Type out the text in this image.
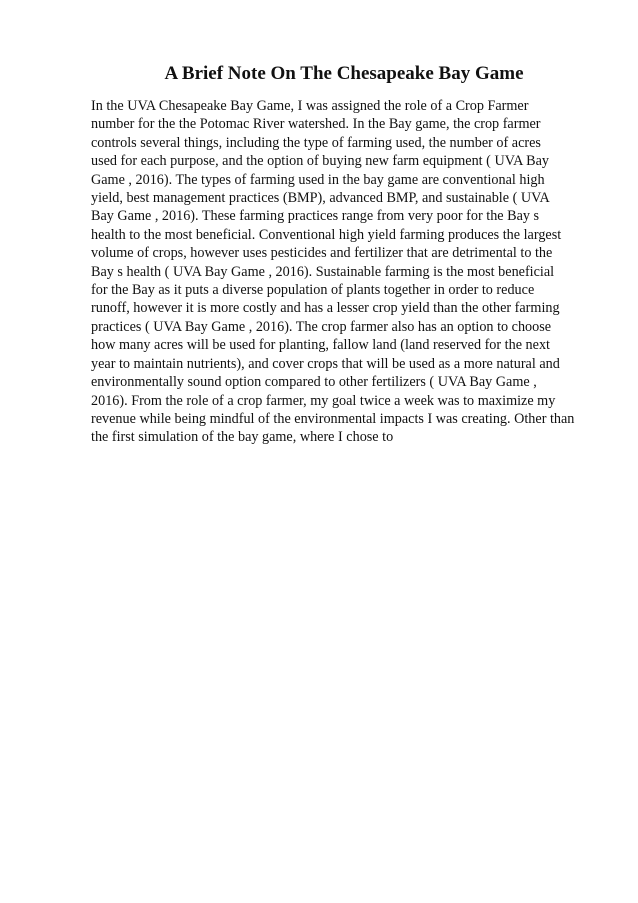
A Brief Note On The Chesapeake Bay Game

In the UVA Chesapeake Bay Game, I was assigned the role of a Crop Farmer
number for the the Potomac River watershed. In the Bay game, the crop farmer
controls several things, including the type of farming used, the number of acres
used for each purpose, and the option of buying new farm equipment ( UVA Bay
Game , 2016). The types of farming used in the bay game are conventional high
yield, best management practices (BMP), advanced BMP, and sustainable ( UVA
Bay Game , 2016). These farming practices range from very poor for the Bay s
health to the most beneficial. Conventional high yield farming produces the largest
volume of crops, however uses pesticides and fertilizer that are detrimental to the
Bay s health ( UVA Bay Game , 2016). Sustainable farming is the most beneficial
for the Bay as it puts a diverse population of plants together in order to reduce
runoff, however it is more costly and has a lesser crop yield than the other farming
practices ( UVA Bay Game , 2016). The crop farmer also has an option to choose
how many acres will be used for planting, fallow land (land reserved for the next
year to maintain nutrients), and cover crops that will be used as a more natural and
environmentally sound option compared to other fertilizers ( UVA Bay Game ,
2016). From the role of a crop farmer, my goal twice a week was to maximize my
revenue while being mindful of the environmental impacts I was creating. Other than
the first simulation of the bay game, where I chose to
